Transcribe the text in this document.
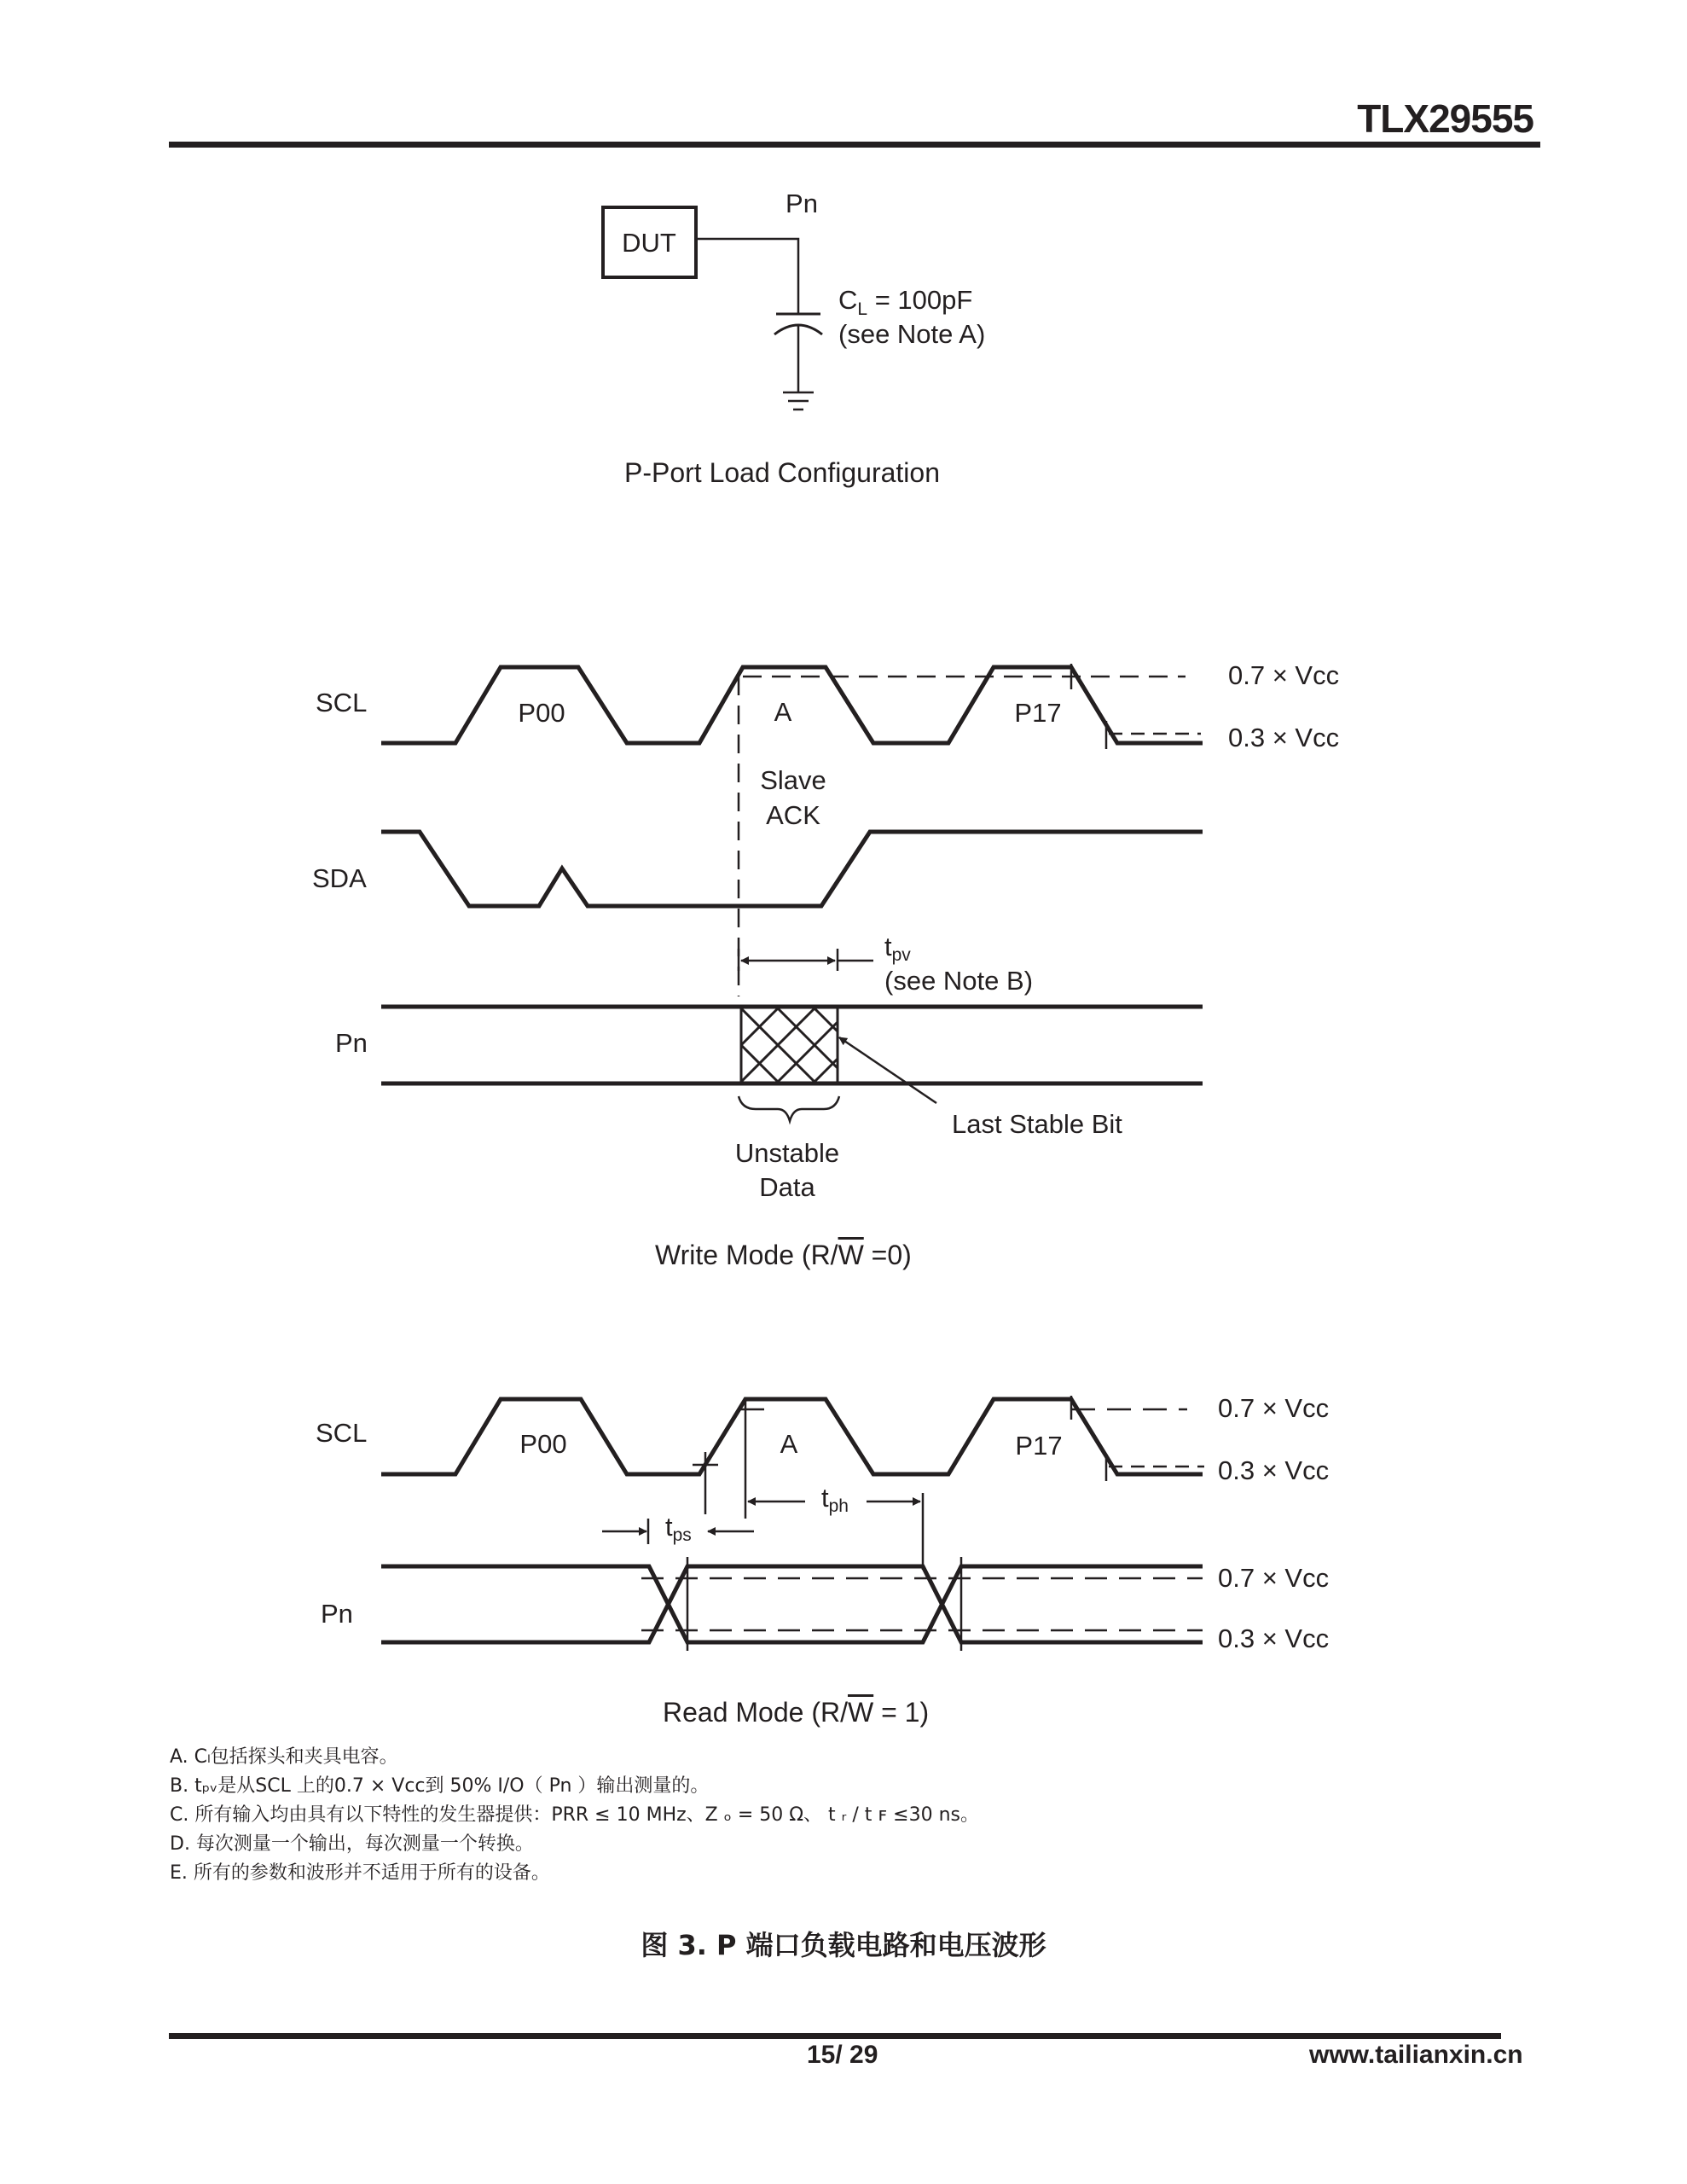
TLX29555
DUT
Pn
$C_L = 100pF$
(see Note A)
P-Port Load Configuration
SCL	P00	A	P17
0.7 × Vcc
0.3 × Vcc
Slave
ACK
SDA
tpv
(see Note B)
Pn
Unstable
Data
Last Stable Bit
Write Mode $(R/\overline{W} =0)$
SCL	P00	A	P17
0.7 × Vcc
0.3 × Vcc
tps
tph
Pn
0.7 × Vcc
0.3 × Vcc
Read Mode $(R/\overline{W} = 1)$
A. Cₗ包括探头和夹具电容。
B. tₚᵥ是从SCL 上的0.7 × Vcc到 50% I/O（ Pn ）输出测量的。
C. 所有输入均由具有以下特性的发生器提供：PRR ≤ 10 MHz、Z ₒ = 50 Ω、 t ᵣ / t ꜰ ≤30 ns。
D. 每次测量一个输出，每次测量一个转换。
E. 所有的参数和波形并不适用于所有的设备。
图 3. P 端口负载电路和电压波形
15/ 29	www.tailianxin.cn
